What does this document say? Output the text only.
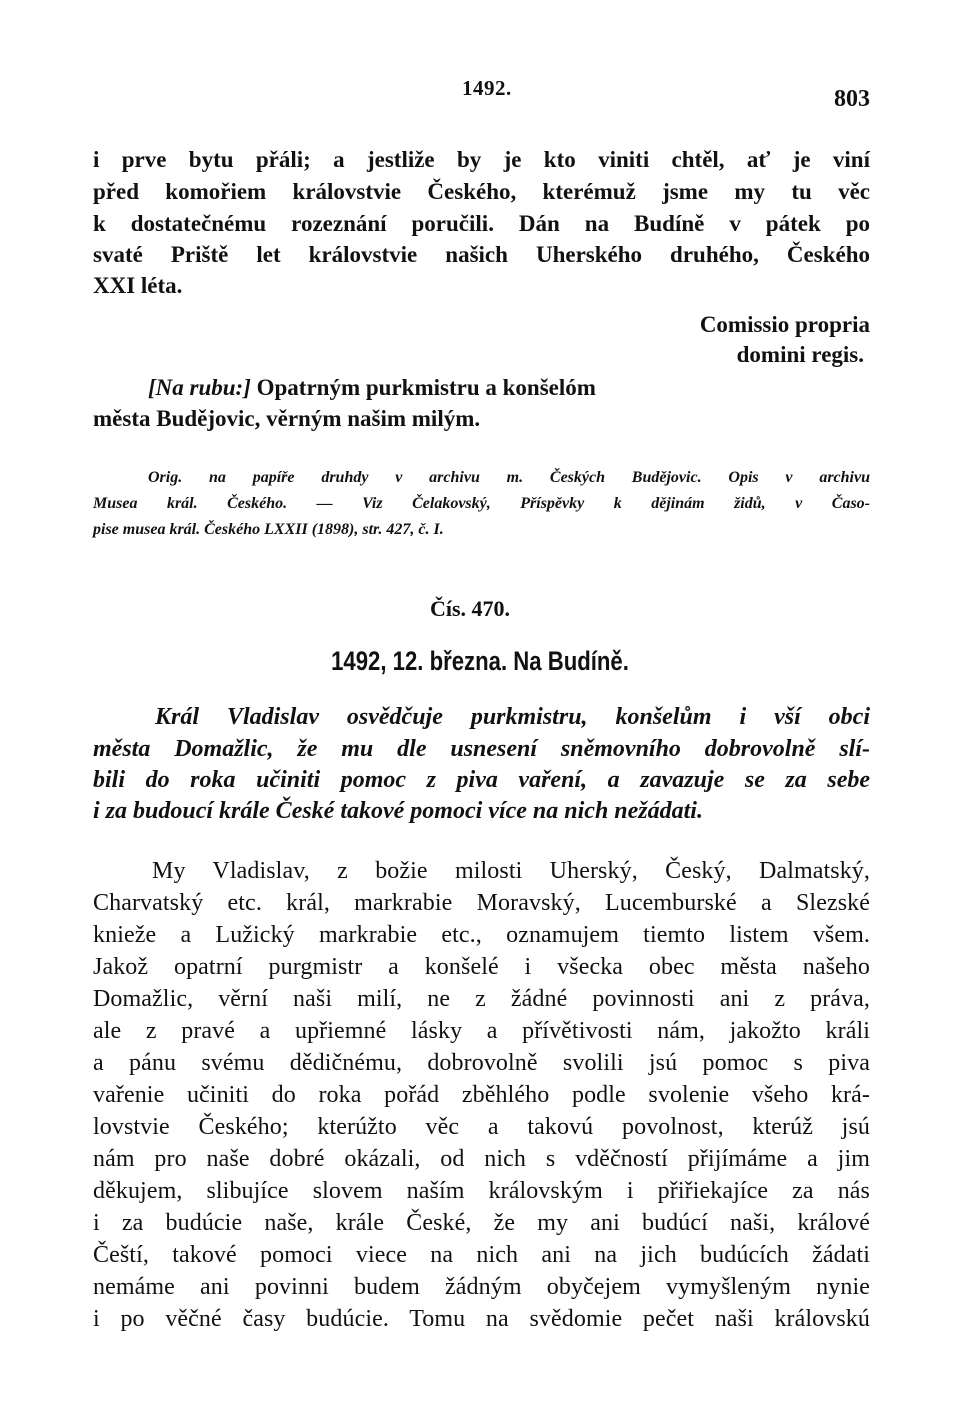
1492.	803
i prve bytu přáli; a jestliže by je kto viniti chtěl, ať je viní
před komořiem královstvie Českého, kterémuž jsme my tu věc
k dostatečnému rozeznání poručili. Dán na Budíně v pátek po
svaté Priště let královstvie našich Uherského druhého, Českého
XXI léta.
Comissio propria
domini regis.
[Na rubu:] Opatrným purkmistru a konšelóm
města Budějovic, věrným našim milým.
Orig. na papíře druhdy v archivu m. Českých Budějovic. Opis v archivu
Musea král. Českého. — Viz Čelakovský, Příspěvky k dějinám židů, v Časo-
pise musea král. Českého LXXII (1898), str. 427, č. I.
Čís. 470.
1492, 12. března. Na Budíně.
Král Vladislav osvědčuje purkmistru, konšelům i vší obci
města Domažlic, že mu dle usnesení sněmovního dobrovolně slí-
bili do roka učiniti pomoc z piva vaření, a zavazuje se za sebe
i za budoucí krále České takové pomoci více na nich nežádati.
My Vladislav, z božie milosti Uherský, Český, Dalmatský,
Charvatský etc. král, markrabie Moravský, Lucemburské a Slezské
knieže a Lužický markrabie etc., oznamujem tiemto listem všem.
Jakož opatrní purgmistr a konšelé i všecka obec města našeho
Domažlic, věrní naši milí, ne z žádné povinnosti ani z práva,
ale z pravé a upřiemné lásky a přívětivosti nám, jakožto králi
a pánu svému dědičnému, dobrovolně svolili jsú pomoc s piva
vařenie učiniti do roka pořád zběhlého podle svolenie všeho krá-
lovstvie Českého; kterúžto věc a takovú povolnost, kterúž jsú
nám pro naše dobré okázali, od nich s vděčností přijímáme a jim
děkujem, slibujíce slovem naším královským i přiřiekajíce za nás
i za budúcie naše, krále České, že my ani budúcí naši, králové
Čeští, takové pomoci viece na nich ani na jich budúcích žádati
nemáme ani povinni budem žádným obyčejem vymyšleným nynie
i po věčné časy budúcie. Tomu na svědomie pečet naši královskú
